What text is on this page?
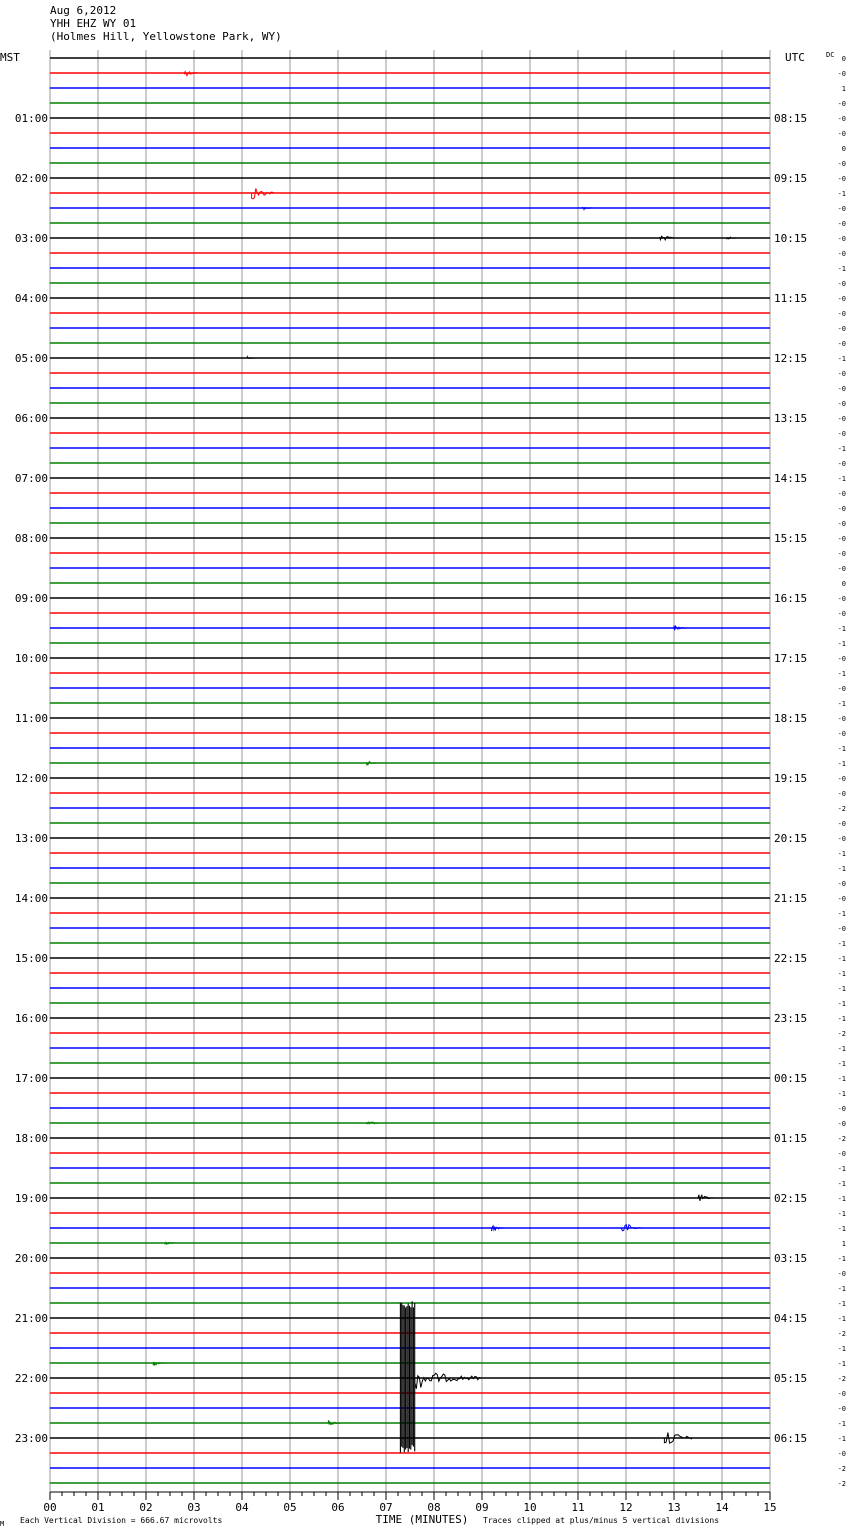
Aug 6,2012
YHH EHZ WY 01
(Holmes Hill, Yellowstone Park, WY)
MST	UTC	DC
01:00
02:00
03:00
04:00
05:00
06:00
07:00
08:00
09:00
10:00
11:00
12:00
13:00
14:00
15:00
16:00
17:00
18:00
19:00
20:00
21:00
22:00
23:00
08:15
09:15
10:15
11:15
12:15
13:15
14:15
15:15
16:15
17:15
18:15
19:15
20:15
21:15
22:15
23:15
00:15
01:15
02:15
03:15
04:15
05:15
06:15
0
-0
1
-0
-0
-0
0
-0
-0
-1
-0
-0
-0
-0
-1
-0
-0
-0
-0
-0
-1
-0
-0
-0
-0
-0
-1
-0
-1
-0
-0
-0
-0
-0
-0
0
-0
-0
-1
-1
-0
-1
-0
-1
-0
-0
-1
-1
-0
-0
-2
-0
-0
-1
-1
-0
-0
-1
-0
-1
-1
-1
-1
-1
-1
-2
-1
-1
-1
-1
-0
-0
-2
-0
-1
-1
-1
-1
-1
1
-1
-0
-1
-1
-1
-2
-1
-1
-2
-0
-0
-1
-1
-0
-2
-2
00	01	02	03	04	05	06	07	08	09	10	11	12	13	14	15
Each Vertical Division = 666.67 microvolts	TIME (MINUTES) Traces clipped at plus/minus 5 vertical divisions
M
